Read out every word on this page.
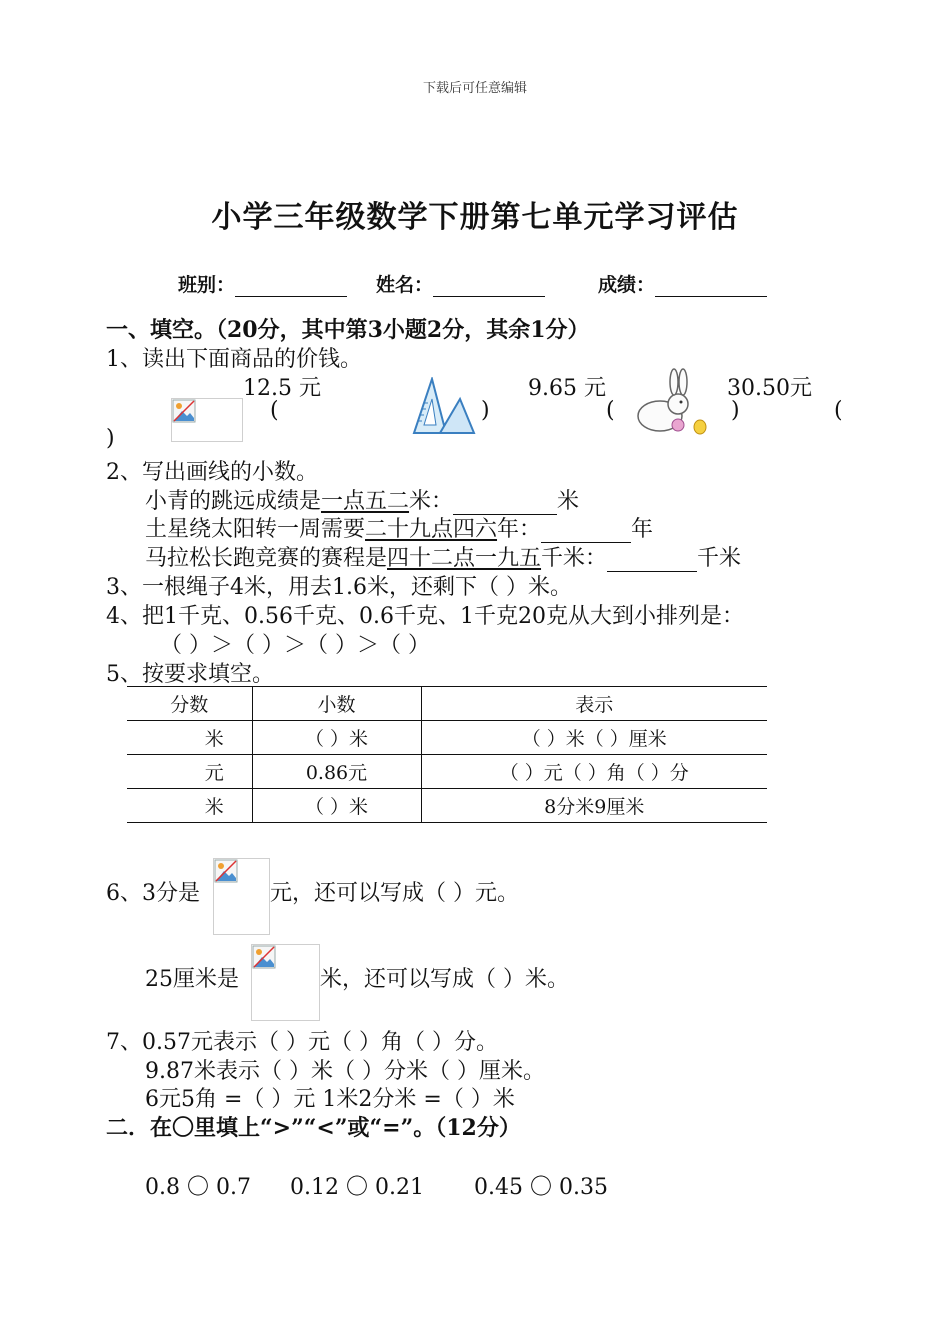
下载后可任意编辑
小学三年级数学下册第七单元学习评估
班别：	姓名：	成绩：
一、填空。（20分，其中第3小题2分，其余1分）
1、读出下面商品的价钱。
12.5 元	9.65 元	30.50元
(	)	(	)	(
)
2、写出画线的小数。
小青的跳远成绩是一点五二米：	米
土星绕太阳转一周需要二十九点四六年：	年
马拉松长跑竞赛的赛程是四十二点一九五千米：	千米
3、一根绳子4米，用去1.6米，还剩下（ ）米。
4、把1千克、0.56千克、0.6千克、1千克20克从大到小排列是：
（ ）＞（ ）＞（ ）＞（ ）
5、按要求填空。
分数	小数	表示
米	（ ）米	（ ）米（ ）厘米
元	0.86元	（ ）元（ ）角（ ）分
米	（ ）米	8分米9厘米
6、3分是	元，还可以写成（ ）元。
25厘米是	米，还可以写成（ ）米。
7、0.57元表示（ ）元（ ）角（ ）分。
9.87米表示（ ）米（ ）分米（ ）厘米。
6元5角 =（ ）元 1米2分米 =（ ）米
二．在〇里填上“>”“<”或“=”。（12分）
0.8 〇 0.7 0.12 〇 0.21 0.45 〇 0.35
